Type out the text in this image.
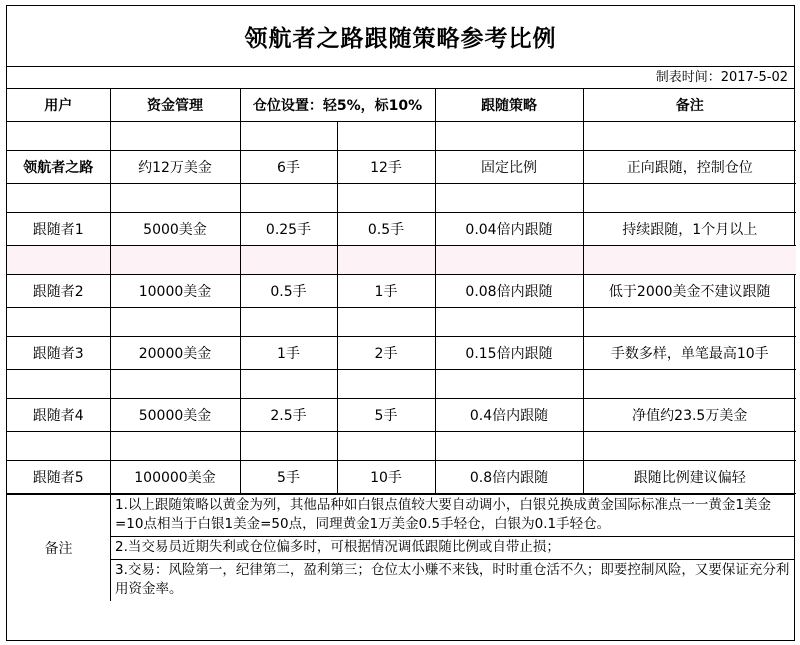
领航者之路跟随策略参考比例
制表时间：2017-5-02
用户	资金管理	仓位设置：轻5%，标10%		跟随策略	备注

领航者之路	约12万美金	6手	12手	固定比例	正向跟随，控制仓位

跟随者1	5000美金	0.25手	0.5手	0.04倍内跟随	持续跟随，1个月以上

跟随者2	10000美金	0.5手	1手	0.08倍内跟随	低于2000美金不建议跟随

跟随者3	20000美金	1手	2手	0.15倍内跟随	手数多样，单笔最高10手

跟随者4	50000美金	2.5手	5手	0.4倍内跟随	净值约23.5万美金

跟随者5	100000美金	5手	10手	0.8倍内跟随	跟随比例建议偏轻
备注	
1.以上跟随策略以黄金为列，其他品种如白银点值较大要自动调小，白银兑换成黄金国际标准点一一黄金1美金=10点相当于白银1美金=50点，同理黄金1万美金0.5手轻仓，白银为0.1手轻仓。
2.当交易员近期失利或仓位偏多时，可根据情况调低跟随比例或自带止损；
3.交易：风险第一，纪律第二，盈利第三；仓位太小赚不来钱，时时重仓活不久；即要控制风险，又要保证充分利用资金率。
